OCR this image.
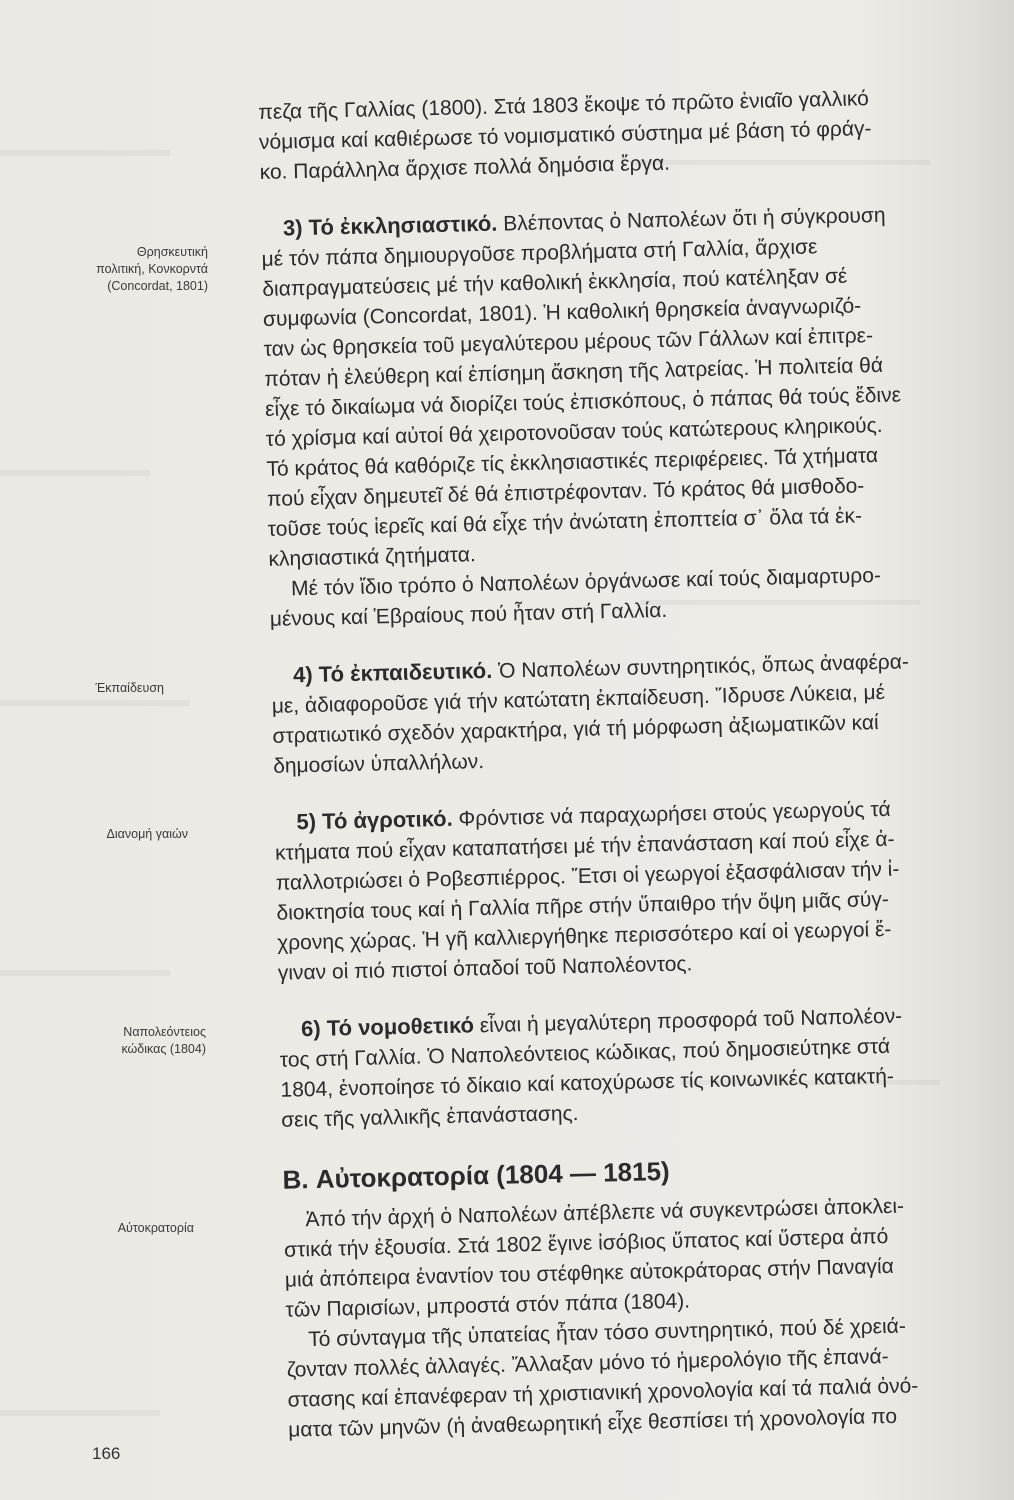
Θρησκευτική
πολιτική, Κονκορντά
(Concordat, 1801)
Έκπαίδευση
Διανομή γαιών
Ναπολεόντειος
κώδικας (1804)
Αύτοκρατορία

πεζα τῆς Γαλλίας (1800). Στά 1803 ἔκοψε τό πρῶτο ἑνιαῖο γαλλικό

νόμισμα καί καθιέρωσε τό νομισματικό σύστημα μέ βάση τό φράγ-

κο. Παράλληλα ἄρχισε πολλά δημόσια ἔργα.

3) Τό ἐκκλησιαστικό. Βλέποντας ὁ Ναπολέων ὅτι ἡ σύγκρουση

μέ τόν πάπα δημιουργοῦσε προβλήματα στή Γαλλία, ἄρχισε

διαπραγματεύσεις μέ τήν καθολική ἐκκλησία, πού κατέληξαν σέ

συμφωνία (Concordat, 1801). Ἡ καθολική θρησκεία ἀναγνωριζό-

ταν ὡς θρησκεία τοῦ μεγαλύτερου μέρους τῶν Γάλλων καί ἐπιτρε-

πόταν ἡ ἐλεύθερη καί ἐπίσημη ἄσκηση τῆς λατρείας. Ἡ πολιτεία θά

εἶχε τό δικαίωμα νά διορίζει τούς ἐπισκόπους, ὁ πάπας θά τούς ἔδινε

τό χρίσμα καί αὐτοί θά χειροτονοῦσαν τούς κατώτερους κληρικούς.

Τό κράτος θά καθόριζε τίς ἐκκλησιαστικές περιφέρειες. Τά χτήματα

πού εἶχαν δημευτεῖ δέ θά ἐπιστρέφονταν. Τό κράτος θά μισθοδο-

τοῦσε τούς ἱερεῖς καί θά εἶχε τήν ἀνώτατη ἐποπτεία σ᾽ ὅλα τά ἐκ-

κλησιαστικά ζητήματα.

Μέ τόν ἴδιο τρόπο ὁ Ναπολέων ὀργάνωσε καί τούς διαμαρτυρο-

μένους καί Ἑβραίους πού ἦταν στή Γαλλία.

4) Τό ἐκπαιδευτικό. Ὁ Ναπολέων συντηρητικός, ὅπως ἀναφέρα-

με, ἀδιαφοροῦσε γιά τήν κατώτατη ἐκπαίδευση. Ἵδρυσε Λύκεια, μέ

στρατιωτικό σχεδόν χαρακτήρα, γιά τή μόρφωση ἀξιωματικῶν καί

δημοσίων ὑπαλλήλων.

5) Τό ἀγροτικό. Φρόντισε νά παραχωρήσει στούς γεωργούς τά

κτήματα πού εἶχαν καταπατήσει μέ τήν ἐπανάσταση καί πού εἶχε ἀ-

παλλοτριώσει ὁ Ροβεσπιέρρος. Ἔτσι οἱ γεωργοί ἐξασφάλισαν τήν ἰ-

διοκτησία τους καί ἡ Γαλλία πῆρε στήν ὕπαιθρο τήν ὄψη μιᾶς σύγ-

χρονης χώρας. Ἡ γῆ καλλιεργήθηκε περισσότερο καί οἱ γεωργοί ἔ-

γιναν οἱ πιό πιστοί ὀπαδοί τοῦ Ναπολέοντος.

6) Τό νομοθετικό εἶναι ἡ μεγαλύτερη προσφορά τοῦ Ναπολέον-

τος στή Γαλλία. Ὁ Ναπολεόντειος κώδικας, πού δημοσιεύτηκε στά

1804, ἑνοποίησε τό δίκαιο καί κατοχύρωσε τίς κοινωνικές κατακτή-

σεις τῆς γαλλικῆς ἐπανάστασης.

B. Αὐτοκρατορία (1804 — 1815)

Ἀπό τήν ἀρχή ὁ Ναπολέων ἀπέβλεπε νά συγκεντρώσει ἀποκλει-

στικά τήν ἐξουσία. Στά 1802 ἔγινε ἰσόβιος ὕπατος καί ὕστερα ἀπό

μιά ἀπόπειρα ἐναντίον του στέφθηκε αὐτοκράτορας στήν Παναγία

τῶν Παρισίων, μπροστά στόν πάπα (1804).

Τό σύνταγμα τῆς ὑπατείας ἦταν τόσο συντηρητικό, πού δέ χρειά-

ζονταν πολλές ἀλλαγές. Ἄλλαξαν μόνο τό ἡμερολόγιο τῆς ἐπανά-

στασης καί ἐπανέφεραν τή χριστιανική χρονολογία καί τά παλιά ὀνό-

ματα τῶν μηνῶν (ἡ ἀναθεωρητική εἶχε θεσπίσει τή χρονολογία πο

166
